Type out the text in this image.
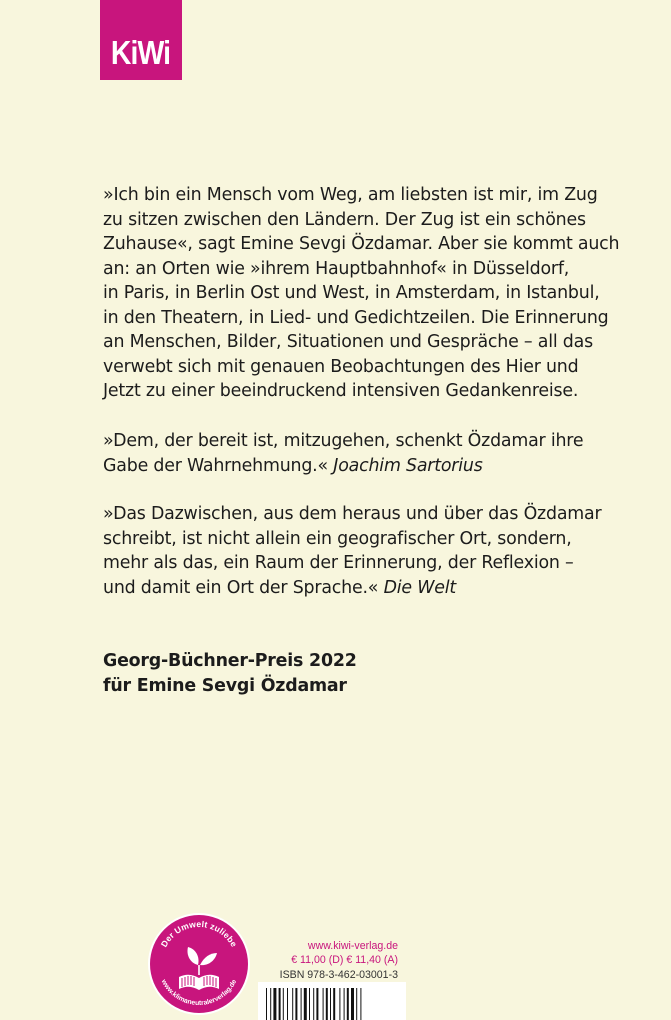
KiWi
»Ich bin ein Mensch vom Weg, am liebsten ist mir, im Zug
zu sitzen zwischen den Ländern. Der Zug ist ein schönes
Zuhause«, sagt Emine Sevgi Özdamar. Aber sie kommt auch
an: an Orten wie »ihrem Hauptbahnhof« in Düsseldorf,
in Paris, in Berlin Ost und West, in Amsterdam, in Istanbul,
in den Theatern, in Lied- und Gedichtzeilen. Die Erinnerung
an Menschen, Bilder, Situationen und Gespräche – all das
verwebt sich mit genauen Beobachtungen des Hier und
Jetzt zu einer beeindruckend intensiven Gedankenreise.
»Dem, der bereit ist, mitzugehen, schenkt Özdamar ihre
Gabe der Wahrnehmung.« Joachim Sartorius
»Das Dazwischen, aus dem heraus und über das Özdamar
schreibt, ist nicht allein ein geografischer Ort, sondern,
mehr als das, ein Raum der Erinnerung, der Reflexion –
und damit ein Ort der Sprache.« Die Welt
Georg-Büchner-Preis 2022
für Emine Sevgi Özdamar
Der Umwelt zuliebe
www.klimaneutralerverlag.de
www.kiwi-verlag.de
€ 11,00 (D) € 11,40 (A)
ISBN 978-3-462-03001-3
